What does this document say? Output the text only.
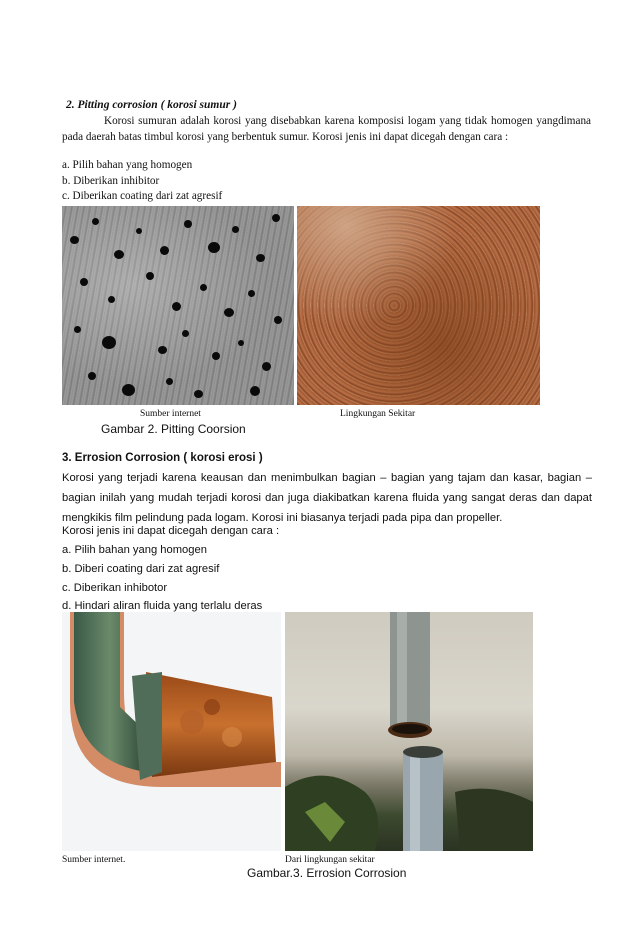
2. Pitting corrosion ( korosi sumur )
Korosi sumuran adalah korosi yang disebabkan karena komposisi logam yang tidak homogen yangdimana pada daerah batas timbul korosi yang berbentuk sumur. Korosi jenis ini dapat dicegah dengan cara :
a. Pilih bahan yang homogen
b. Diberikan inhibitor
c. Diberikan coating dari zat agresif
Sumber internet	Lingkungan Sekitar
Gambar 2. Pitting Coorsion
3. Errosion Corrosion ( korosi erosi )
Korosi yang terjadi karena keausan dan menimbulkan bagian – bagian yang tajam dan kasar, bagian – bagian inilah yang mudah terjadi korosi dan juga diakibatkan karena fluida yang sangat deras dan dapat mengkikis film pelindung pada logam. Korosi ini biasanya terjadi pada pipa dan propeller.
Korosi jenis ini dapat dicegah dengan cara :
a. Pilih bahan yang homogen
b. Diberi coating dari zat agresif
c. Diberikan inhibotor
d. Hindari aliran fluida yang terlalu deras
Sumber internet.	Dari lingkungan sekitar
Gambar.3. Errosion Corrosion
